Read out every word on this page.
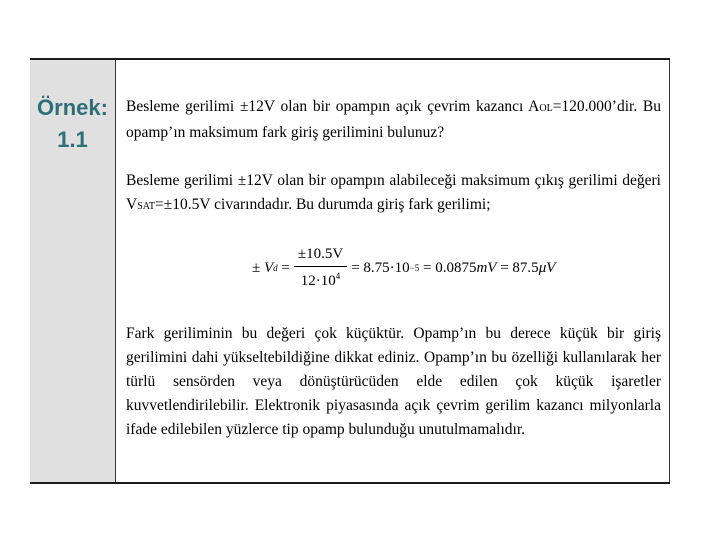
Örnek:
1.1
Besleme gerilimi ±12V olan bir opampın açık çevrim kazancı AOL=120.000’dir. Bu opamp’ın maksimum fark giriş gerilimini bulunuz?
Besleme gerilimi ±12V olan bir opampın alabileceği maksimum çıkış gerilimi değeri VSAT=±10.5V civarındadır. Bu durumda giriş fark gerilimi;
±
V d
= $\frac{\pm 10.5V}{12\cdot 10^4} = 8.75\cdot 10 -5$
= 0.0875 mV
= 87.5 μV
Fark geriliminin bu değeri çok küçüktür. Opamp’ın bu derece küçük bir giriş gerilimini dahi yükseltebildiğine dikkat ediniz. Opamp’ın bu özelliği kullanılarak her türlü sensörden veya dönüştürücüden elde edilen çok küçük işaretler kuvvetlendirilebilir. Elektronik piyasasında açık çevrim gerilim kazancı milyonlarla ifade edilebilen yüzlerce tip opamp bulunduğu unutulmamalıdır.
